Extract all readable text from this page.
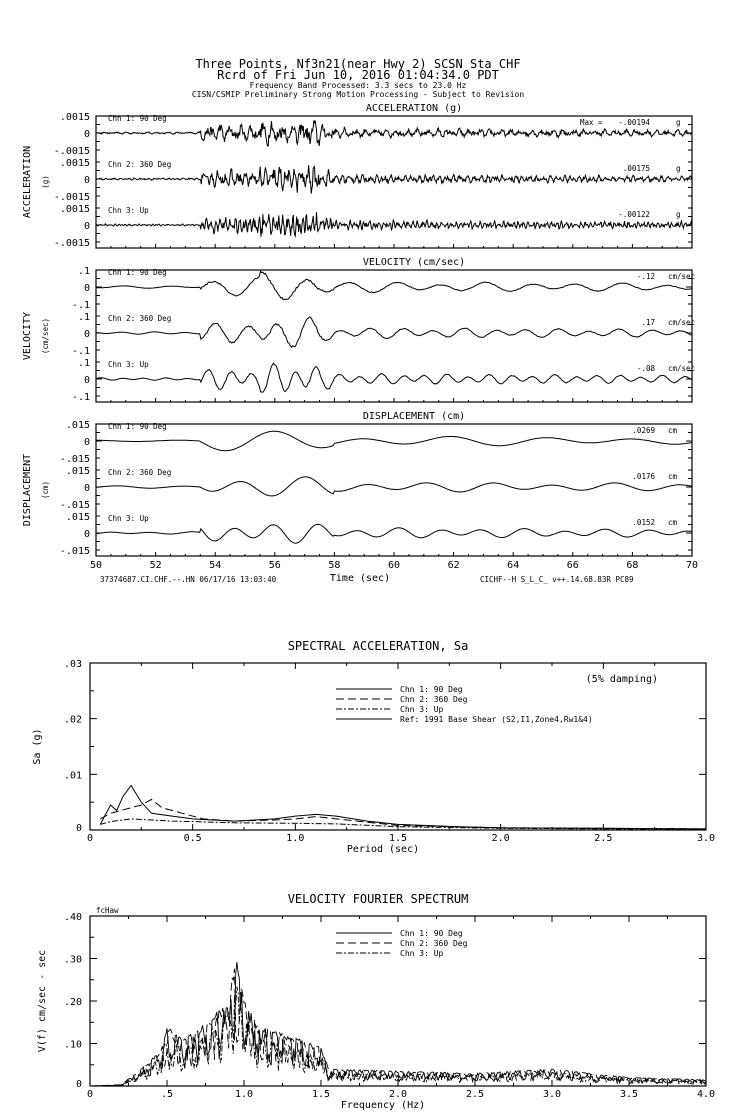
Three Points, Nf3n21(near Hwy 2) SCSN Sta CHF
Rcrd of Fri Jun 10, 2016 01:04:34.0 PDT
Frequency Band Processed: 3.3 secs to 23.0 Hz
CISN/CSMIP Preliminary Strong Motion Processing - Subject to Revision
ACCELERATION (g)
ACCELERATION (g)
.0015
0
-.0015
Chn 1: 90 Deg	Max = -.00194	g
.0015
0
-.0015
Chn 2: 360 Deg	.00175	g
.0015
0
-.0015
Chn 3: Up	-.00122	g
VELOCITY (cm/sec)
VELOCITY (cm/sec)
.1
0
-.1
Chn 1: 90 Deg	-.12 cm/sec
.1
0
-.1
Chn 2: 360 Deg	.17 cm/sec
.1
0
-.1
Chn 3: Up	-.08 cm/sec
DISPLACEMENT (cm)
DISPLACEMENT (cm)
.015
0
-.015
Chn 1: 90 Deg	.0269 cm
.015
0
-.015
Chn 2: 360 Deg	.0176 cm
.015
0
-.015
Chn 3: Up	.0152 cm
Time (sec)
37374687.CI.CHF.--.HN 06/17/16 13:03:40	CICHF--H S_L_C_ v++.14.68.83R PC89
50	52	54	56	58	60	62	64	66	68	70
SPECTRAL ACCELERATION, Sa
Sa (g)
Period (sec)
0	0.5	1.0	1.5	2.0	2.5	3.0
.03
.02
.01
0
Chn 1: 90 Deg
Chn 2: 360 Deg
Chn 3: Up
Ref: 1991 Base Shear (S2,I1,Zone4,Rw1&4)
(5% damping)
VELOCITY FOURIER SPECTRUM
V(f) cm/sec - sec
Frequency (Hz)
0	.5	1.0	1.5	2.0	2.5	3.0	3.5	4.0
.40
.30
.20
.10
0
Chn 1: 90 Deg
Chn 2: 360 Deg
Chn 3: Up
fcHaw
